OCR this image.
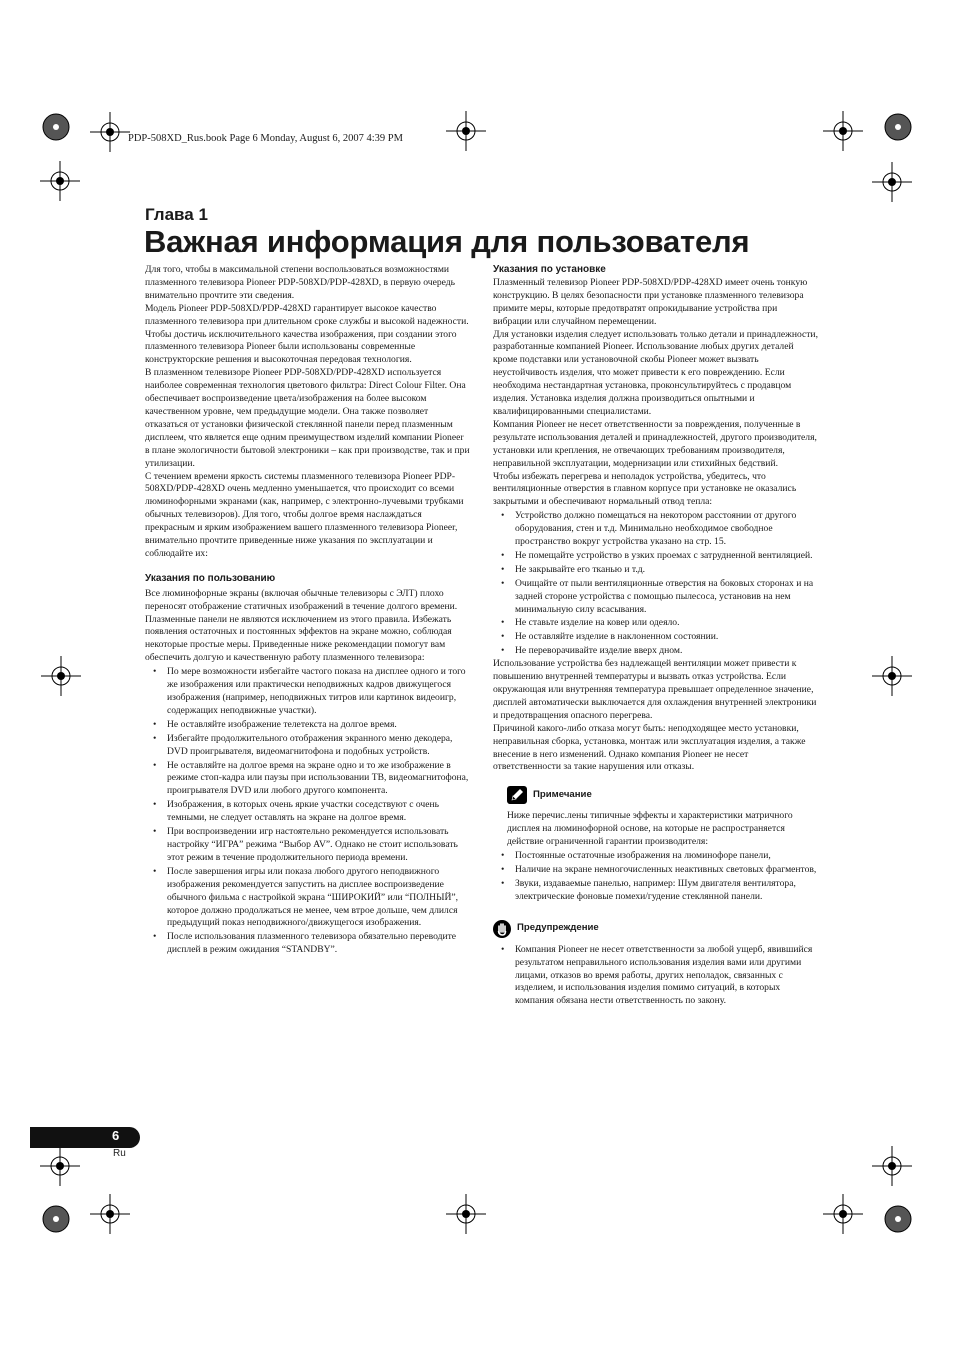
PDP-508XD_Rus.book Page 6 Monday, August 6, 2007 4:39 PM
Глава 1
Важная информация для пользователя

Для того, чтобы в максимальной степени воспользоваться возможностями плазменного телевизора Pioneer PDP-508XD/PDP-428XD, в первую очередь внимательно прочтите эти сведения.

Модель Pioneer PDP-508XD/PDP-428XD гарантирует высокое качество плазменного телевизора при длительном сроке службы и высокой надежности. Чтобы достичь исключительного качества изображения, при создании этого плазменного телевизора Pioneer были использованы современные конструкторские решения и высокоточная передовая технология.

В плазменном телевизоре Pioneer PDP-508XD/PDP-428XD используется наиболее современная технология цветового фильтра: Direct Colour Filter. Она обеспечивает воспроизведение цвета/изображения на более высоком качественном уровне, чем предыдущие модели. Она также позволяет отказаться от установки физической стеклянной панели перед плазменным дисплеем, что является еще одним преимуществом изделий компании Pioneer в плане экологичности бытовой электроники – как при производстве, так и при утилизации.

С течением времени яркость системы плазменного телевизора Pioneer PDP-508XD/PDP-428XD очень медленно уменьшается, что происходит со всеми люминофорными экранами (как, например, с электронно-лучевыми трубками обычных телевизоров). Для того, чтобы долгое время наслаждаться прекрасным и ярким изображением вашего плазменного телевизора Pioneer, внимательно прочтите приведенные ниже указания по эксплуатации и соблюдайте их:

Указания по пользованию

Все люминофорные экраны (включая обычные телевизоры с ЭЛТ) плохо переносят отображение статичных изображений в течение долгого времени. Плазменные панели не являются исключением из этого правила. Избежать появления остаточных и постоянных эффектов на экране можно, соблюдая некоторые простые меры. Приведенные ниже рекомендации помогут вам обеспечить долгую и качественную работу плазменного телевизора:

• По мере возможности избегайте частого показа на дисплее одного и того же изображения или практически неподвижных кадров движущегося изображения (например, неподвижных титров или картинок видеоигр, содержащих неподвижные участки).
• Не оставляйте изображение телетекста на долгое время.
• Избегайте продолжительного отображения экранного меню декодера, DVD проигрывателя, видеомагнитофона и подобных устройств.
• Не оставляйте на долгое время на экране одно и то же изображение в режиме стоп-кадра или паузы при использовании ТВ, видеомагнитофона, проигрывателя DVD или любого другого компонента.
• Изображения, в которых очень яркие участки соседствуют с очень темными, не следует оставлять на экране на долгое время.
• При воспроизведении игр настоятельно рекомендуется использовать настройку “ИГРА” режима “Выбор AV”. Однако не стоит использовать этот режим в течение продолжительного периода времени.
• После завершения игры или показа любого другого неподвижного изображения рекомендуется запустить на дисплее воспроизведение обычного фильма с настройкой экрана “ШИРОКИЙ” или “ПОЛНЫЙ”, которое должно продолжаться не менее, чем втрое дольше, чем длился предыдущий показ неподвижного/движущегося изображения.
• После использования плазменного телевизора обязательно переводите дисплей в режим ожидания “STANDBY”.

Указания по установке

Плазменный телевизор Pioneer PDP-508XD/PDP-428XD имеет очень тонкую конструкцию. В целях безопасности при установке плазменного телевизора примите меры, которые предотвратят опрокидывание устройства при вибрации или случайном перемещении.

Для установки изделия следует использовать только детали и принадлежности, разработанные компанией Pioneer. Использование любых других деталей кроме подставки или установочной скобы Pioneer может вызвать неустойчивость изделия, что может привести к его повреждению. Если необходима нестандартная установка, проконсультируйтесь с продавцом изделия. Установка изделия должна производиться опытными и квалифицированными специалистами.

Компания Pioneer не несет ответственности за повреждения, полученные в результате использования деталей и принадлежностей, другого производителя, установки или крепления, не отвечающих требованиям производителя, неправильной эксплуатации, модернизации или стихийных бедствий.

Чтобы избежать перегрева и неполадок устройства, убедитесь, что вентиляционные отверстия в главном корпусе при установке не оказались закрытыми и обеспечивают нормальный отвод тепла:

• Устройство должно помещаться на некотором расстоянии от другого оборудования, стен и т.д. Минимально необходимое свободное пространство вокруг устройства указано на стр. 15.
• Не помещайте устройство в узких проемах с затрудненной вентиляцией.
• Не закрывайте его тканью и т.д.
• Очищайте от пыли вентиляционные отверстия на боковых сторонах и на задней стороне устройства с помощью пылесоса, установив на нем минимальную силу всасывания.
• Не ставьте изделие на ковер или одеяло.
• Не оставляйте изделие в наклоненном состоянии.
• Не переворачивайте изделие вверх дном.

Использование устройства без надлежащей вентиляции может привести к повышению внутренней температуры и вызвать отказ устройства. Если окружающая или внутренняя температура превышает определенное значение, дисплей автоматически выключается для охлаждения внутренней электроники и предотвращения опасного перегрева.

Причиной какого-либо отказа могут быть: неподходящее место установки, неправильная сборка, установка, монтаж или эксплуатация изделия, а также внесение в него изменений. Однако компания Pioneer не несет ответственности за такие нарушения или отказы.

Примечание

Ниже перечис.лены типичные эффекты и характеристики матричного дисплея на люминофорной основе, на которые не распространяется действие ограниченной гарантии производителя:

• Постоянные остаточные изображения на люминофоре панели,
• Наличие на экране немногочисленных неактивных световых фрагментов,
• Звуки, издаваемые панелью, например: Шум двигателя вентилятора, электрические фоновые помехи/гудение стеклянной панели.
Предупреждение
• Компания Pioneer не несет ответственности за любой ущерб, явившийся результатом неправильного использования изделия вами или другими лицами, отказов во время работы, других неполадок, связанных с изделием, и использования изделия помимо ситуаций, в которых компания обязана нести ответственность по закону.
6
Ru
